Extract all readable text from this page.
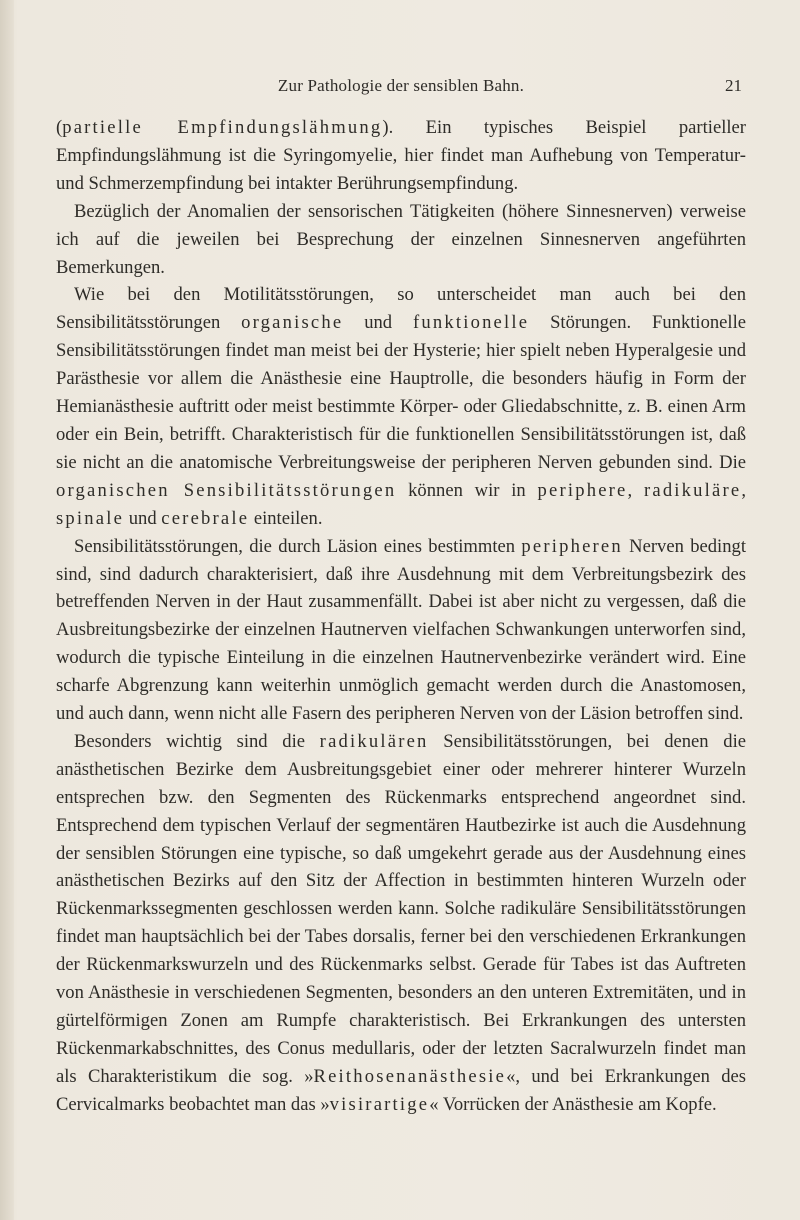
Zur Pathologie der sensiblen Bahn.	21

(partielle Empfindungslähmung). Ein typisches Beispiel partieller Empfindungslähmung ist die Syringomyelie, hier findet man Aufhebung von Temperatur- und Schmerzempfindung bei intakter Berührungsempfindung.

Bezüglich der Anomalien der sensorischen Tätigkeiten (höhere Sinnesnerven) verweise ich auf die jeweilen bei Besprechung der einzelnen Sinnesnerven angeführten Bemerkungen.

Wie bei den Motilitätsstörungen, so unterscheidet man auch bei den Sensibilitätsstörungen organische und funktionelle Störungen. Funktionelle Sensibilitätsstörungen findet man meist bei der Hysterie; hier spielt neben Hyperalgesie und Parästhesie vor allem die Anästhesie eine Hauptrolle, die besonders häufig in Form der Hemianästhesie auftritt oder meist bestimmte Körper- oder Gliedabschnitte, z. B. einen Arm oder ein Bein, betrifft. Charakteristisch für die funktionellen Sensibilitätsstörungen ist, daß sie nicht an die anatomische Verbreitungsweise der peripheren Nerven gebunden sind. Die organischen Sensibilitätsstörungen können wir in periphere, radikuläre, spinale und cerebrale einteilen.

Sensibilitätsstörungen, die durch Läsion eines bestimmten peripheren Nerven bedingt sind, sind dadurch charakterisiert, daß ihre Ausdehnung mit dem Verbreitungsbezirk des betreffenden Nerven in der Haut zusammenfällt. Dabei ist aber nicht zu vergessen, daß die Ausbreitungsbezirke der einzelnen Hautnerven vielfachen Schwankungen unterworfen sind, wodurch die typische Einteilung in die einzelnen Hautnervenbezirke verändert wird. Eine scharfe Abgrenzung kann weiterhin unmöglich gemacht werden durch die Anastomosen, und auch dann, wenn nicht alle Fasern des peripheren Nerven von der Läsion betroffen sind.

Besonders wichtig sind die radikulären Sensibilitätsstörungen, bei denen die anästhetischen Bezirke dem Ausbreitungsgebiet einer oder mehrerer hinterer Wurzeln entsprechen bzw. den Segmenten des Rückenmarks entsprechend angeordnet sind. Entsprechend dem typischen Verlauf der segmentären Hautbezirke ist auch die Ausdehnung der sensiblen Störungen eine typische, so daß umgekehrt gerade aus der Ausdehnung eines anästhetischen Bezirks auf den Sitz der Affection in bestimmten hinteren Wurzeln oder Rückenmarkssegmenten geschlossen werden kann. Solche radikuläre Sensibilitätsstörungen findet man hauptsächlich bei der Tabes dorsalis, ferner bei den verschiedenen Erkrankungen der Rückenmarkswurzeln und des Rückenmarks selbst. Gerade für Tabes ist das Auftreten von Anästhesie in verschiedenen Segmenten, besonders an den unteren Extremitäten, und in gürtelförmigen Zonen am Rumpfe charakteristisch. Bei Erkrankungen des untersten Rückenmarkabschnittes, des Conus medullaris, oder der letzten Sacralwurzeln findet man als Charakteristikum die sog. »Reithosenanästhesie«, und bei Erkrankungen des Cervicalmarks beobachtet man das »visirartige« Vorrücken der Anästhesie am Kopfe.
